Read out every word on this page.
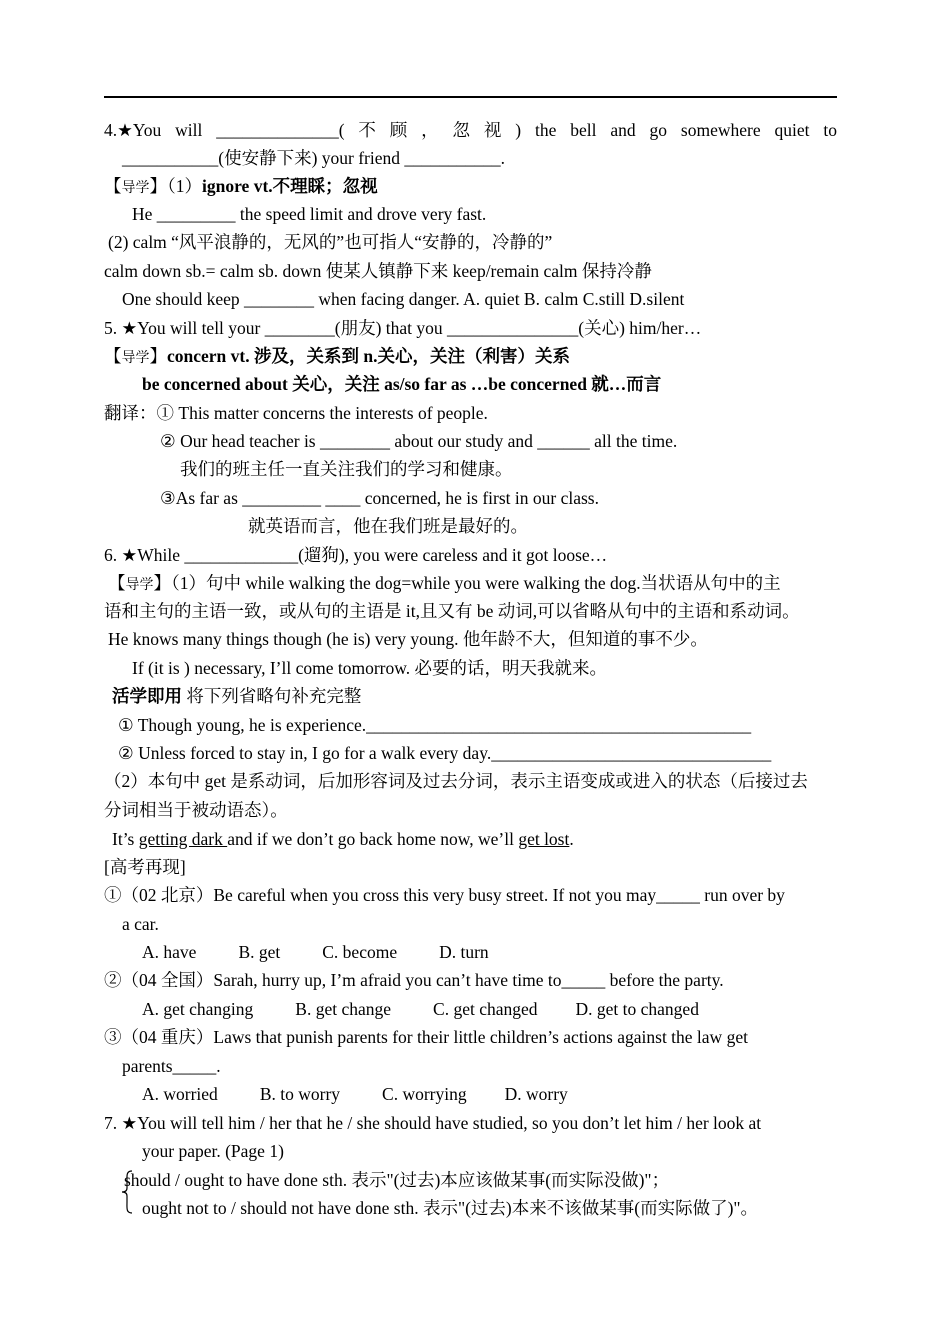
4.★You will ______________( 不 顾 ， 忽 视 ) the bell and go somewhere quiet to
___________(使安静下来) your friend ___________.
【导学】（1）ignore vt.不理睬；忽视
He _________ the speed limit and drove very fast.
(2) calm “风平浪静的，无风的”也可指人“安静的，冷静的”
calm down sb.= calm sb. down 使某人镇静下来 keep/remain calm 保持冷静
One should keep ________ when facing danger. A. quiet B. calm C.still D.silent
5. ★You will tell your ________(朋友) that you _______________(关心) him/her…
【导学】concern vt. 涉及，关系到 n.关心，关注（利害）关系
be concerned about 关心，关注 as/so far as …be concerned 就…而言
翻译：① This matter concerns the interests of people.
② Our head teacher is ________ about our study and ______ all the time.
我们的班主任一直关注我们的学习和健康。
③As far as _________ ____ concerned, he is first in our class.
就英语而言，他在我们班是最好的。
6. ★While _____________(遛狗), you were careless and it got loose…
【导学】（1）句中 while walking the dog=while you were walking the dog.当状语从句中的主
语和主句的主语一致，或从句的主语是 it,且又有 be 动词,可以省略从句中的主语和系动词。
He knows many things though (he is) very young. 他年龄不大，但知道的事不少。
If (it is ) necessary, I’ll come tomorrow. 必要的话，明天我就来。
活学即用 将下列省略句补充完整
① Though young, he is experience.____________________________________________
② Unless forced to stay in, I go for a walk every day.________________________________
（2）本句中 get 是系动词，后加形容词及过去分词，表示主语变成或进入的状态（后接过去
分词相当于被动语态）。
It’s getting dark and if we don’t go back home now, we’ll get lost.
[高考再现]
①（02 北京）Be careful when you cross this very busy street. If not you may_____ run over by
a car.
A. have B. get C. become D. turn
②（04 全国）Sarah, hurry up, I’m afraid you can’t have time to_____ before the party.
A. get changing B. get change C. get changed D. get to changed
③（04 重庆）Laws that punish parents for their little children’s actions against the law get
parents_____.
A. worried B. to worry C. worrying D. worry
7. ★You will tell him / her that he / she should have studied, so you don’t let him / her look at
your paper. (Page 1)
should / ought to have done sth. 表示"(过去)本应该做某事(而实际没做)"；
ought not to / should not have done sth. 表示"(过去)本来不该做某事(而实际做了)"。
